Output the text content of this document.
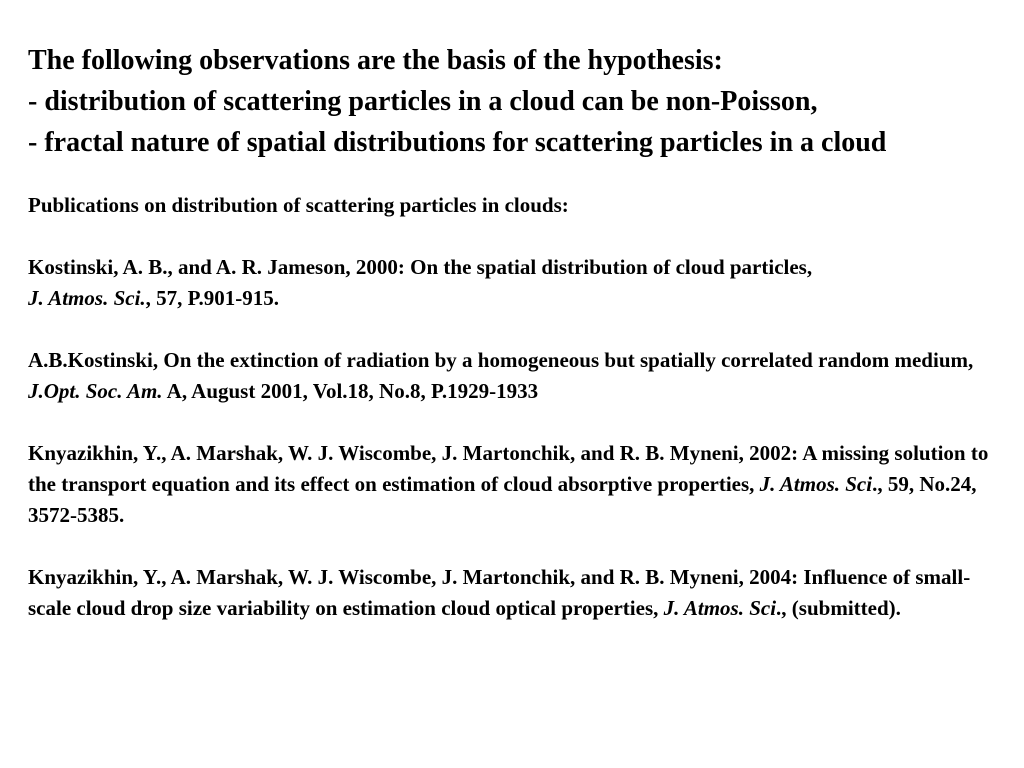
The following observations are the basis of the hypothesis:

- distribution of scattering particles in a cloud can be non-Poisson,

- fractal nature of spatial distributions for scattering particles in a cloud

Publications on distribution of scattering particles in clouds:

Kostinski, A. B., and A. R. Jameson, 2000: On the spatial distribution of cloud particles,
J. Atmos. Sci., 57, P.901-915.

A.B.Kostinski, On the extinction of radiation by a homogeneous but spatially correlated random medium, J.Opt. Soc. Am. A, August 2001, Vol.18, No.8, P.1929-1933

Knyazikhin, Y., A. Marshak, W. J. Wiscombe, J. Martonchik, and R. B. Myneni, 2002: A missing solution to the transport equation and its effect on estimation of cloud absorptive properties, J. Atmos. Sci., 59, No.24, 3572-5385.

Knyazikhin, Y., A. Marshak, W. J. Wiscombe, J. Martonchik, and R. B. Myneni, 2004: Influence of small-scale cloud drop size variability on estimation cloud optical properties, J. Atmos. Sci., (submitted).
